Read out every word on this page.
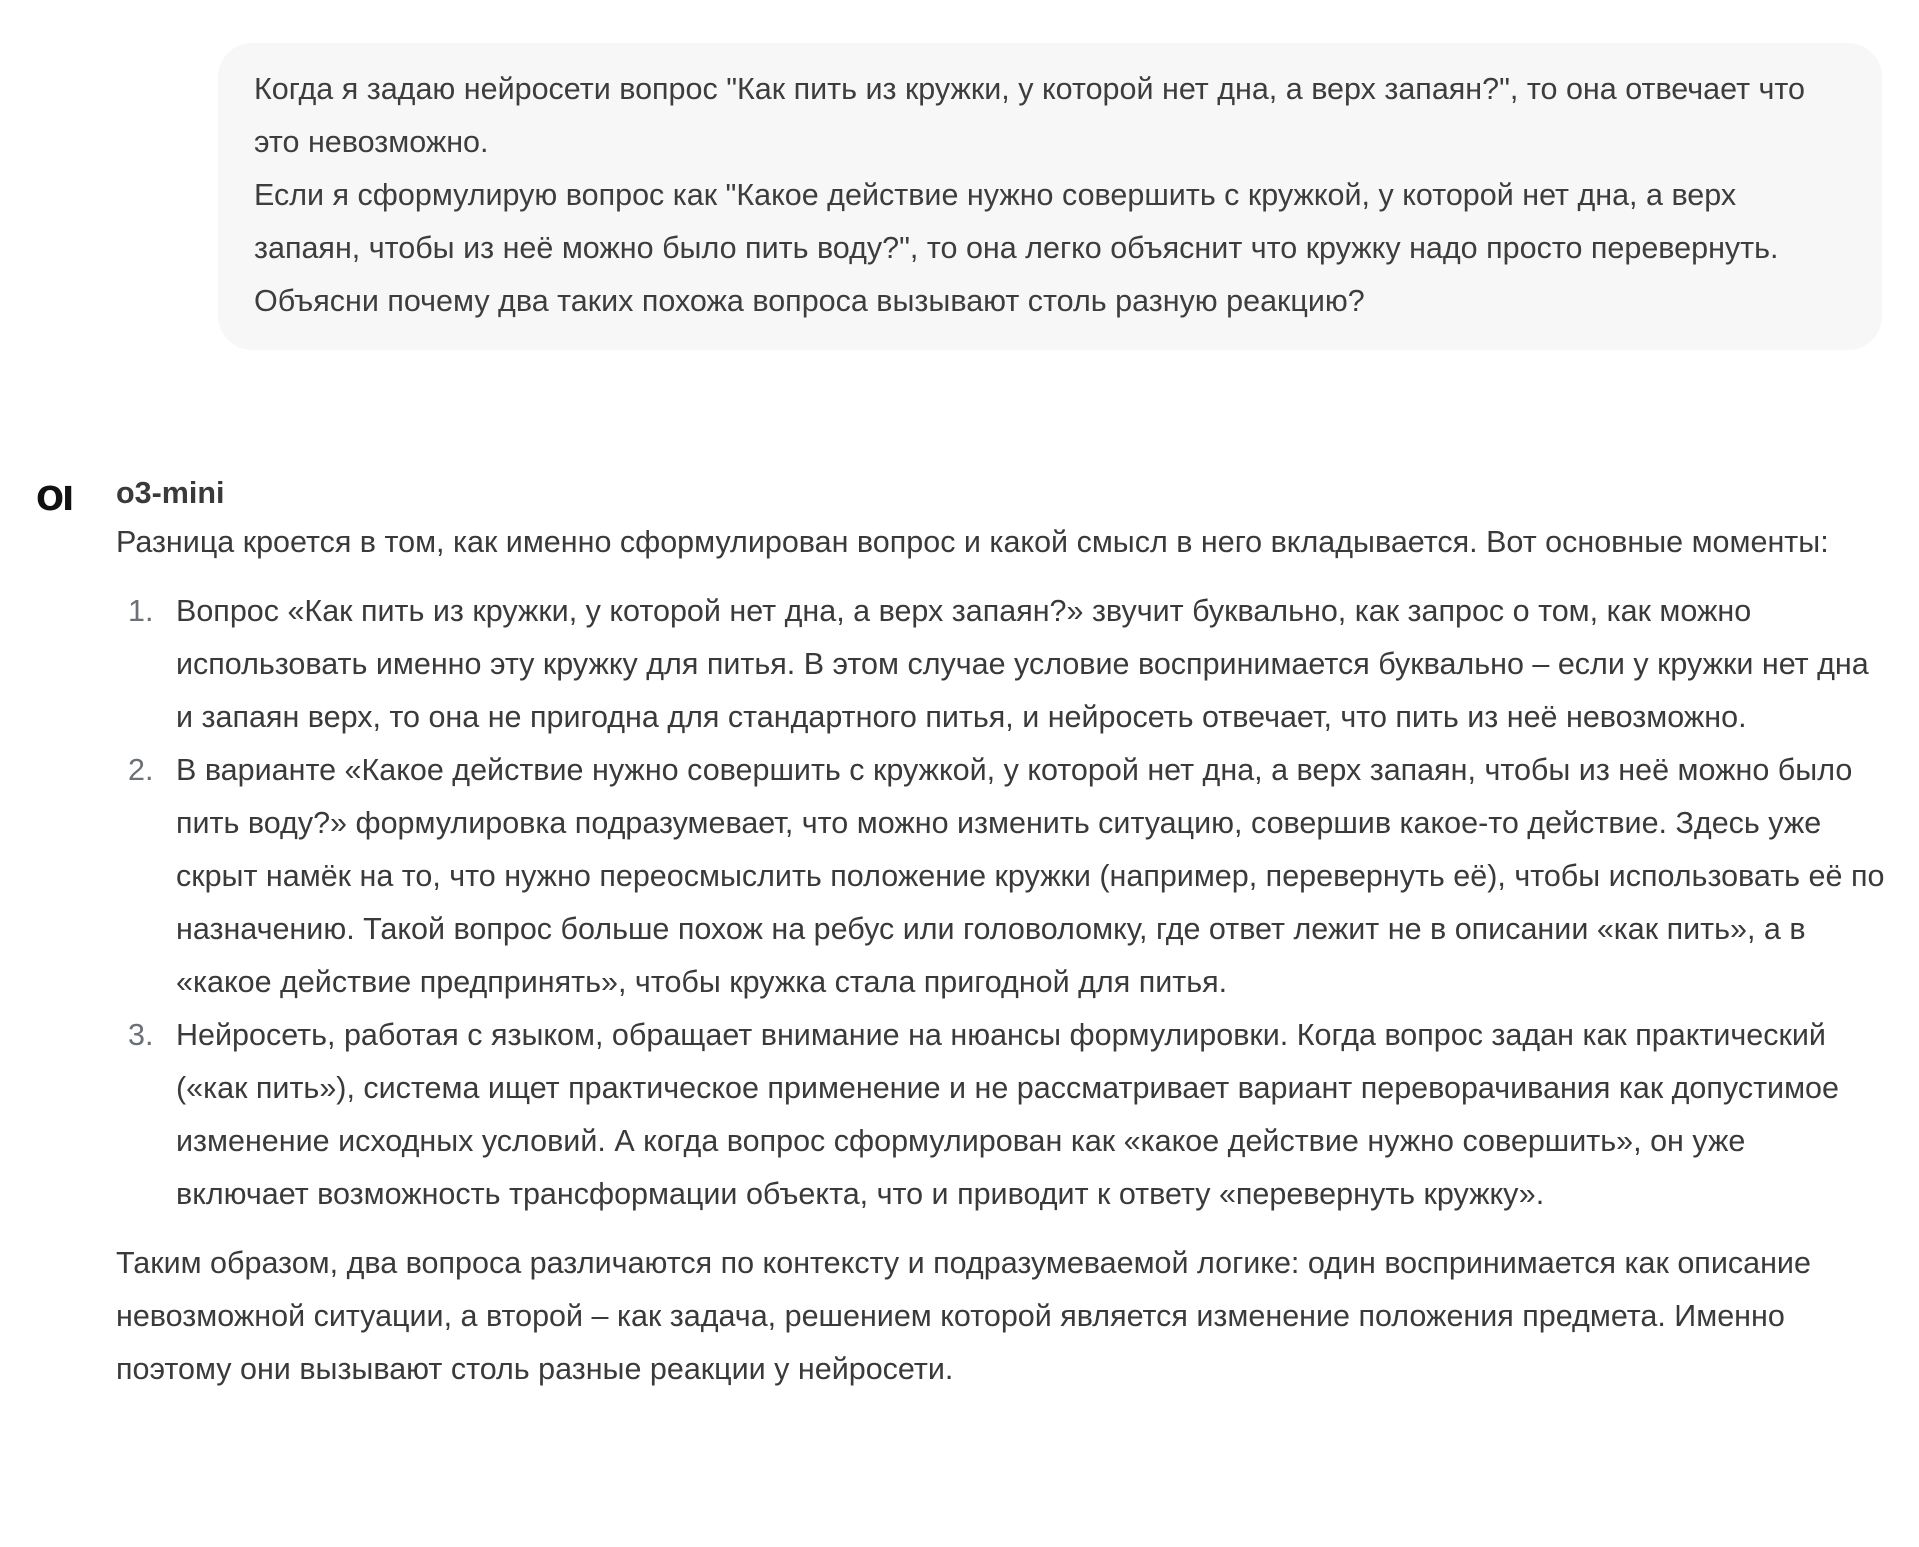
Когда я задаю нейросети вопрос "Как пить из кружки, у которой нет дна, а верх запаян?", то она отвечает что это невозможно.

Если я сформулирую вопрос как "Какое действие нужно совершить с кружкой, у которой нет дна, а верх запаян, чтобы из неё можно было пить воду?", то она легко объяснит что кружку надо просто перевернуть.

Объясни почему два таких похожа вопроса вызывают столь разную реакцию?

OI o3-mini

Разница кроется в том, как именно сформулирован вопрос и какой смысл в него вкладывается. Вот основные моменты:

1. Вопрос «Как пить из кружки, у которой нет дна, а верх запаян?» звучит буквально, как запрос о том, как можно использовать именно эту кружку для питья. В этом случае условие воспринимается буквально – если у кружки нет дна и запаян верх, то она не пригодна для стандартного питья, и нейросеть отвечает, что пить из неё невозможно.
2. В варианте «Какое действие нужно совершить с кружкой, у которой нет дна, а верх запаян, чтобы из неё можно было пить воду?» формулировка подразумевает, что можно изменить ситуацию, совершив какое-то действие. Здесь уже скрыт намёк на то, что нужно переосмыслить положение кружки (например, перевернуть её), чтобы использовать её по назначению. Такой вопрос больше похож на ребус или головоломку, где ответ лежит не в описании «как пить», а в «какое действие предпринять», чтобы кружка стала пригодной для питья.
3. Нейросеть, работая с языком, обращает внимание на нюансы формулировки. Когда вопрос задан как практический («как пить»), система ищет практическое применение и не рассматривает вариант переворачивания как допустимое изменение исходных условий. А когда вопрос сформулирован как «какое действие нужно совершить», он уже включает возможность трансформации объекта, что и приводит к ответу «перевернуть кружку».

Таким образом, два вопроса различаются по контексту и подразумеваемой логике: один воспринимается как описание невозможной ситуации, а второй – как задача, решением которой является изменение положения предмета. Именно поэтому они вызывают столь разные реакции у нейросети.
